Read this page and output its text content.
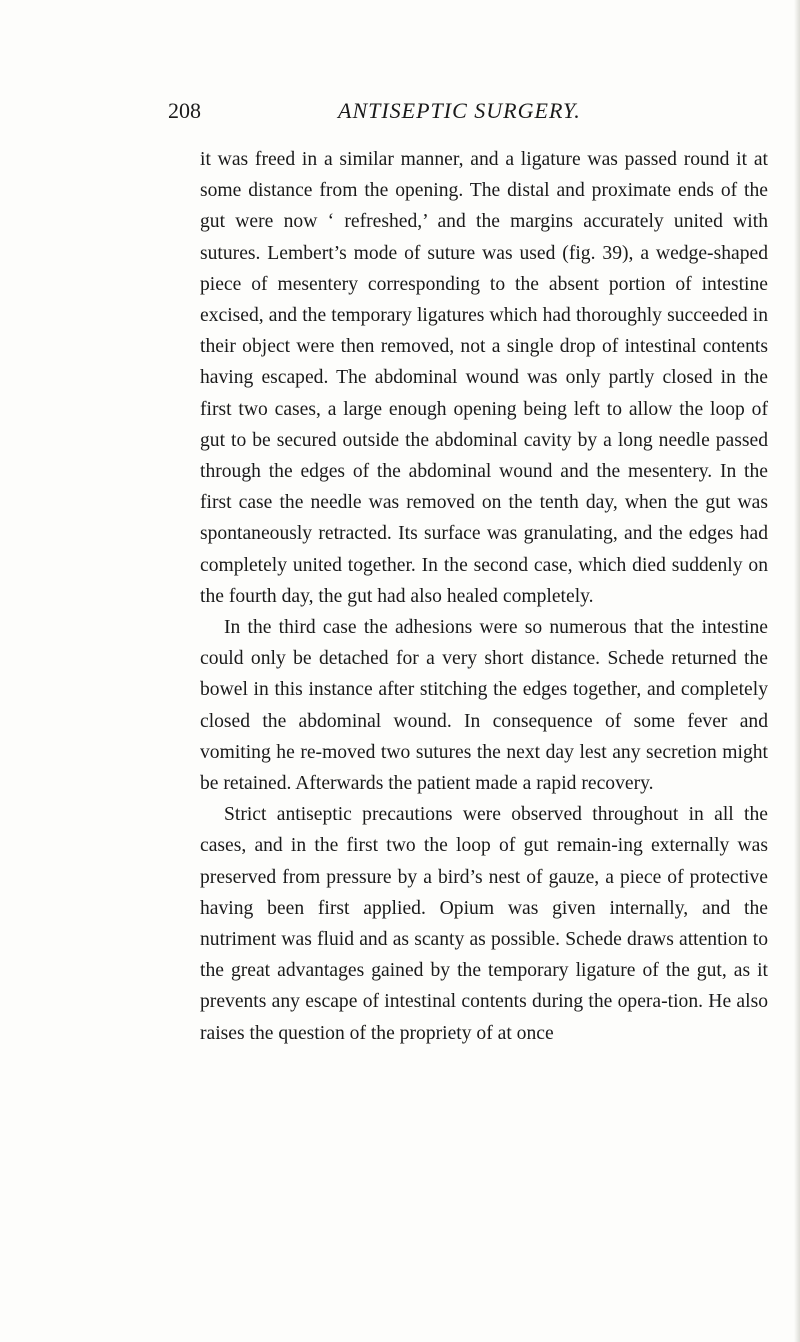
208	ANTISEPTIC SURGERY.

it was freed in a similar manner, and a ligature was passed round it at some distance from the opening. The distal and proximate ends of the gut were now ‘ refreshed,’ and the margins accurately united with sutures. Lembert’s mode of suture was used (fig. 39), a wedge-shaped piece of mesentery corresponding to the absent portion of intestine excised, and the temporary ligatures which had thoroughly succeeded in their object were then removed, not a single drop of intestinal contents having escaped. The abdominal wound was only partly closed in the first two cases, a large enough opening being left to allow the loop of gut to be secured outside the abdominal cavity by a long needle passed through the edges of the abdominal wound and the mesentery. In the first case the needle was removed on the tenth day, when the gut was spontaneously retracted. Its surface was granulating, and the edges had completely united together. In the second case, which died suddenly on the fourth day, the gut had also healed completely.

In the third case the adhesions were so numerous that the intestine could only be detached for a very short distance. Schede returned the bowel in this instance after stitching the edges together, and completely closed the abdominal wound. In consequence of some fever and vomiting he re-moved two sutures the next day lest any secretion might be retained. Afterwards the patient made a rapid recovery.

Strict antiseptic precautions were observed throughout in all the cases, and in the first two the loop of gut remain-ing externally was preserved from pressure by a bird’s nest of gauze, a piece of protective having been first applied. Opium was given internally, and the nutriment was fluid and as scanty as possible. Schede draws attention to the great advantages gained by the temporary ligature of the gut, as it prevents any escape of intestinal contents during the opera-tion. He also raises the question of the propriety of at once
